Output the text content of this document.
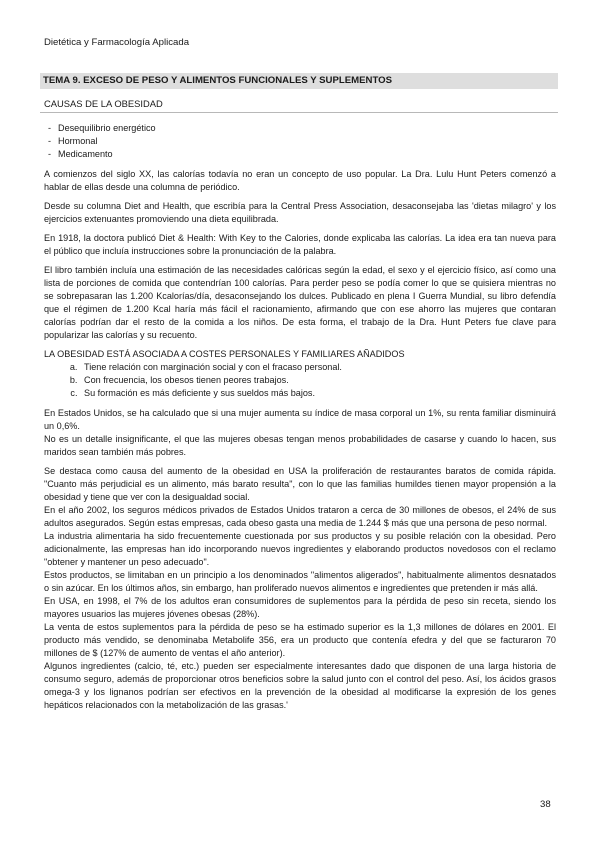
Dietética y Farmacología Aplicada
TEMA 9. EXCESO DE PESO Y ALIMENTOS FUNCIONALES Y SUPLEMENTOS
CAUSAS DE LA OBESIDAD
- Desequilibrio energético
- Hormonal
- Medicamento

A comienzos del siglo XX, las calorías todavía no eran un concepto de uso popular. La Dra. Lulu Hunt Peters comenzó a hablar de ellas desde una columna de periódico.

Desde su columna Diet and Health, que escribía para la Central Press Association, desaconsejaba las 'dietas milagro' y los ejercicios extenuantes promoviendo una dieta equilibrada.

En 1918, la doctora publicó Diet & Health: With Key to the Calories, donde explicaba las calorías. La idea era tan nueva para el público que incluía instrucciones sobre la pronunciación de la palabra.

El libro también incluía una estimación de las necesidades calóricas según la edad, el sexo y el ejercicio físico, así como una lista de porciones de comida que contendrían 100 calorías. Para perder peso se podía comer lo que se quisiera mientras no se sobrepasaran las 1.200 Kcalorías/día, desaconsejando los dulces. Publicado en plena I Guerra Mundial, su libro defendía que el régimen de 1.200 Kcal haría más fácil el racionamiento, afirmando que con ese ahorro las mujeres que contaran calorías podrían dar el resto de la comida a los niños. De esta forma, el trabajo de la Dra. Hunt Peters fue clave para popularizar las calorías y su recuento.

LA OBESIDAD ESTÁ ASOCIADA A COSTES PERSONALES Y FAMILIARES AÑADIDOS
a. Tiene relación con marginación social y con el fracaso personal.
b. Con frecuencia, los obesos tienen peores trabajos.
c. Su formación es más deficiente y sus sueldos más bajos.

En Estados Unidos, se ha calculado que si una mujer aumenta su índice de masa corporal un 1%, su renta familiar disminuirá un 0,6%.

No es un detalle insignificante, el que las mujeres obesas tengan menos probabilidades de casarse y cuando lo hacen, sus maridos sean también más pobres.

Se destaca como causa del aumento de la obesidad en USA la proliferación de restaurantes baratos de comida rápida. "Cuanto más perjudicial es un alimento, más barato resulta", con lo que las familias humildes tienen mayor propensión a la obesidad y tiene que ver con la desigualdad social.

En el año 2002, los seguros médicos privados de Estados Unidos trataron a cerca de 30 millones de obesos, el 24% de sus adultos asegurados. Según estas empresas, cada obeso gasta una media de 1.244 $ más que una persona de peso normal.

La industria alimentaria ha sido frecuentemente cuestionada por sus productos y su posible relación con la obesidad. Pero adicionalmente, las empresas han ido incorporando nuevos ingredientes y elaborando productos novedosos con el reclamo "obtener y mantener un peso adecuado".

Estos productos, se limitaban en un principio a los denominados "alimentos aligerados", habitualmente alimentos desnatados o sin azúcar. En los últimos años, sin embargo, han proliferado nuevos alimentos e ingredientes que pretenden ir más allá.

En USA, en 1998, el 7% de los adultos eran consumidores de suplementos para la pérdida de peso sin receta, siendo los mayores usuarios las mujeres jóvenes obesas (28%).

La venta de estos suplementos para la pérdida de peso se ha estimado superior es la 1,3 millones de dólares en 2001. El producto más vendido, se denominaba Metabolife 356, era un producto que contenía efedra y del que se facturaron 70 millones de $ (127% de aumento de ventas el año anterior).

Algunos ingredientes (calcio, té, etc.) pueden ser especialmente interesantes dado que disponen de una larga historia de consumo seguro, además de proporcionar otros beneficios sobre la salud junto con el control del peso. Así, los ácidos grasos omega-3 y los lignanos podrían ser efectivos en la prevención de la obesidad al modificarse la expresión de los genes hepáticos relacionados con la metabolización de las grasas.'

38
